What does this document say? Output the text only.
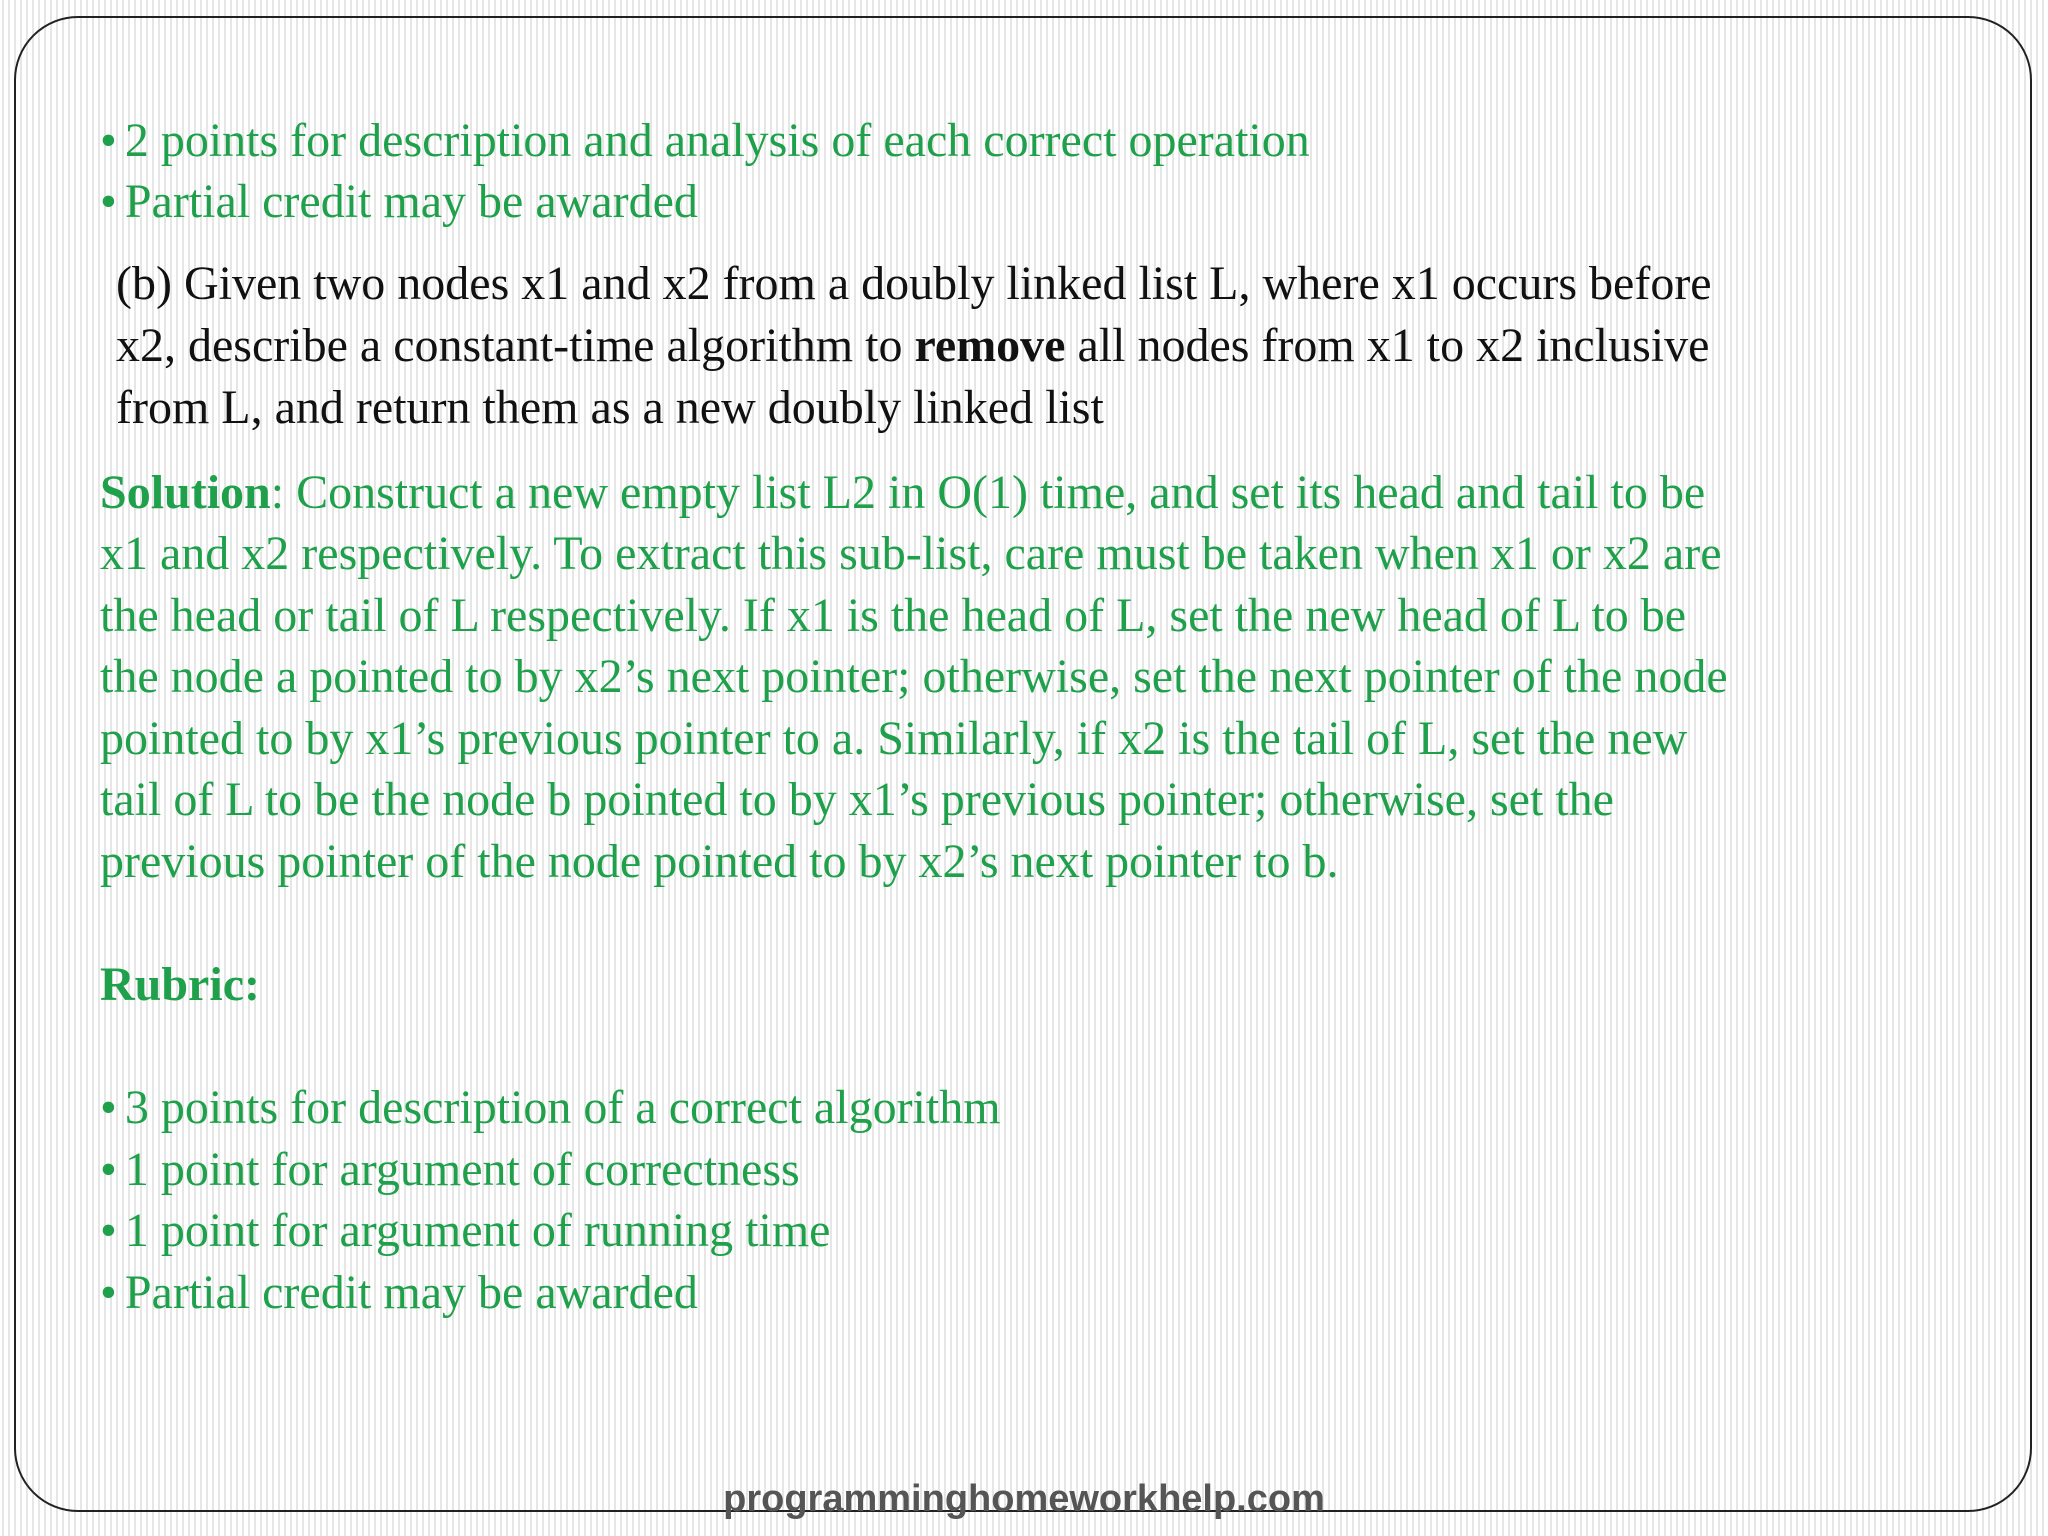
• 2 points for description and analysis of each correct operation

• Partial credit may be awarded

(b) Given two nodes x1 and x2 from a doubly linked list L, where x1 occurs before

x2, describe a constant-time algorithm to remove all nodes from x1 to x2 inclusive

from L, and return them as a new doubly linked list

Solution: Construct a new empty list L2 in O(1) time, and set its head and tail to be

x1 and x2 respectively. To extract this sub-list, care must be taken when x1 or x2 are

the head or tail of L respectively. If x1 is the head of L, set the new head of L to be

the node a pointed to by x2’s next pointer; otherwise, set the next pointer of the node

pointed to by x1’s previous pointer to a. Similarly, if x2 is the tail of L, set the new

tail of L to be the node b pointed to by x1’s previous pointer; otherwise, set the

previous pointer of the node pointed to by x2’s next pointer to b.

Rubric:

• 3 points for description of a correct algorithm

• 1 point for argument of correctness

• 1 point for argument of running time

• Partial credit may be awarded

programminghomeworkhelp.com
